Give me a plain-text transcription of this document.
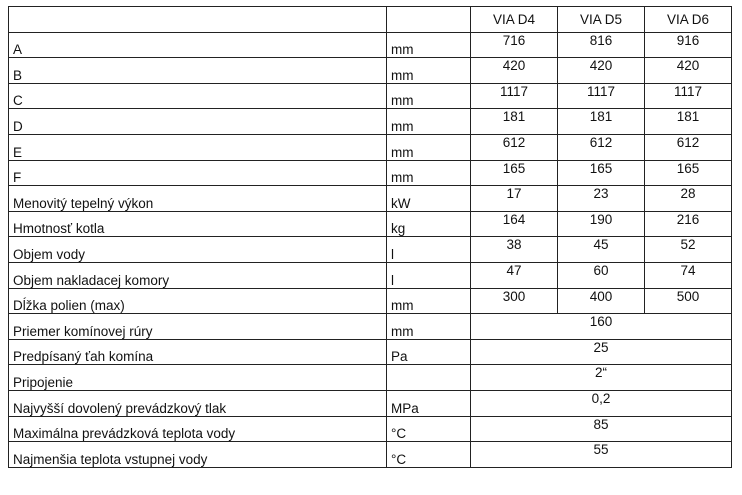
		VIA D4	VIA D5	VIA D6
A	mm	716	816	916
B	mm	420	420	420
C	mm	1117	1117	1117
D	mm	181	181	181
E	mm	612	612	612
F	mm	165	165	165
Menovitý tepelný výkon	kW	17	23	28
Hmotnosť kotla	kg	164	190	216
Objem vody	l	38	45	52
Objem nakladacej komory	l	47	60	74
Dĺžka polien (max)	mm	300	400	500
Priemer komínovej rúry	mm	160		
Predpísaný ťah komína	Pa	25		
Pripojenie		2“		
Najvyšší dovolený prevádzkový tlak	MPa	0,2		
Maximálna prevádzková teplota vody	°C	85		
Najmenšia teplota vstupnej vody	°C	55		
